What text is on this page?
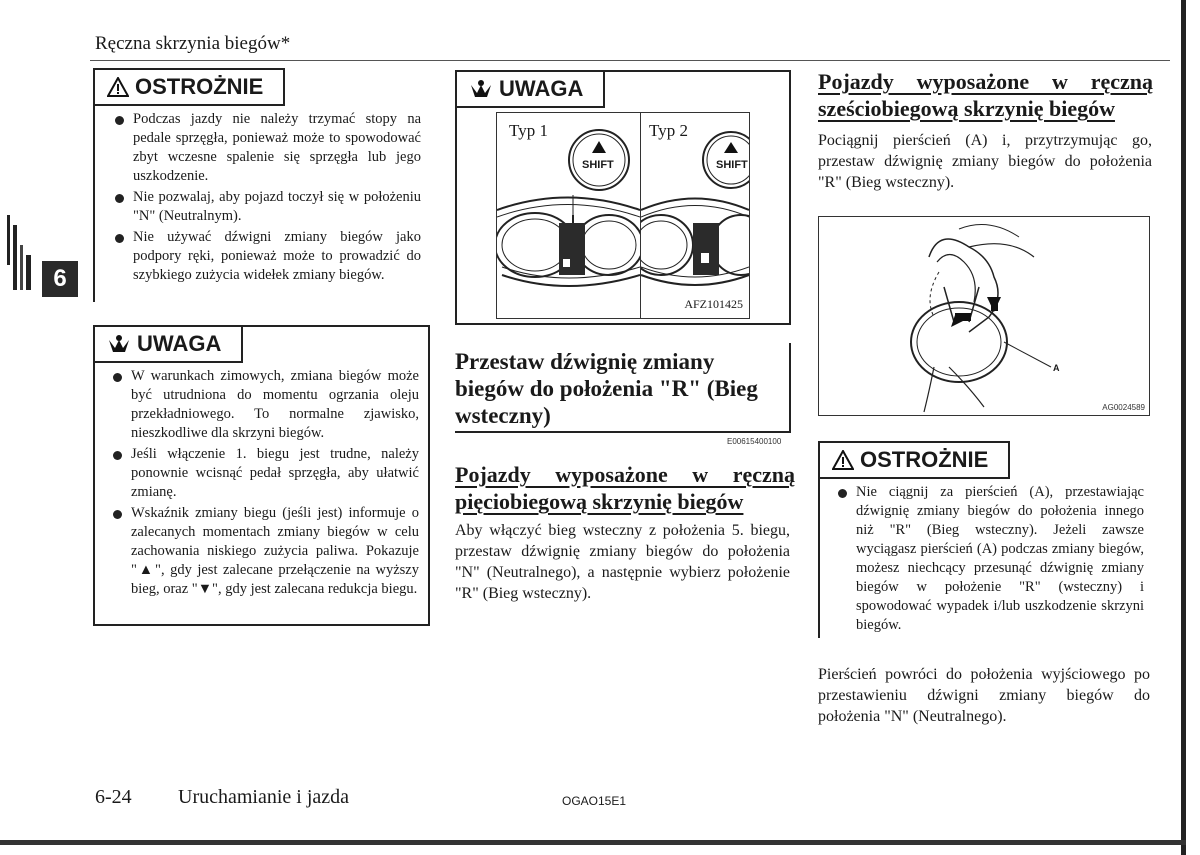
Ręczna skrzynia biegów*
6
OSTROŻNIE
Podczas jazdy nie należy trzymać stopy na pedale sprzęgła, ponieważ może to spowodować zbyt wczesne spalenie się sprzęgła lub jego uszkodzenie.
Nie pozwalaj, aby pojazd toczył się w położeniu "N" (Neutralnym).
Nie używać dźwigni zmiany biegów jako podpory ręki, ponieważ może to prowadzić do szybkiego zużycia widełek zmiany biegów.
UWAGA
W warunkach zimowych, zmiana biegów może być utrudniona do momentu ogrzania oleju przekładniowego. To normalne zjawisko, nieszkodliwe dla skrzyni biegów.
Jeśli włączenie 1. biegu jest trudne, należy ponownie wcisnąć pedał sprzęgła, aby ułatwić zmianę.
Wskaźnik zmiany biegu (jeśli jest) informuje o zalecanych momentach zmiany biegów w celu zachowania niskiego zużycia paliwa. Pokazuje "▲", gdy jest zalecane przełączenie na wyższy bieg, oraz "▼", gdy jest zalecana redukcja biegu.
UWAGA
Typ 1	Typ 2
SHIFT	SHIFT
AFZ101425
Przestaw dźwignię zmiany biegów do położenia "R" (Bieg wsteczny)
E00615400100
Pojazdy wyposażone w ręczną pięciobiegową skrzynię biegów
Aby włączyć bieg wsteczny z położenia 5. biegu, przestaw dźwignię zmiany biegów do położenia "N" (Neutralnego), a następnie wybierz położenie "R" (Bieg wsteczny).
Pojazdy wyposażone w ręczną sześciobiegową skrzynię biegów
Pociągnij pierścień (A) i, przytrzymując go, przestaw dźwignię zmiany biegów do położenia "R" (Bieg wsteczny).
A
AG0024589
OSTROŻNIE
Nie ciągnij za pierścień (A), przestawiając dźwignię zmiany biegów do położenia innego niż "R" (Bieg wsteczny). Jeżeli zawsze wyciągasz pierścień (A) podczas zmiany biegów, możesz niechcący przesunąć dźwignię zmiany biegów w położenie "R" (wsteczny) i spowodować wypadek i/lub uszkodzenie skrzyni biegów.
Pierścień powróci do położenia wyjściowego po przestawieniu dźwigni zmiany biegów do położenia "N" (Neutralnego).
6-24 Uruchamianie i jazda	OGAO15E1
